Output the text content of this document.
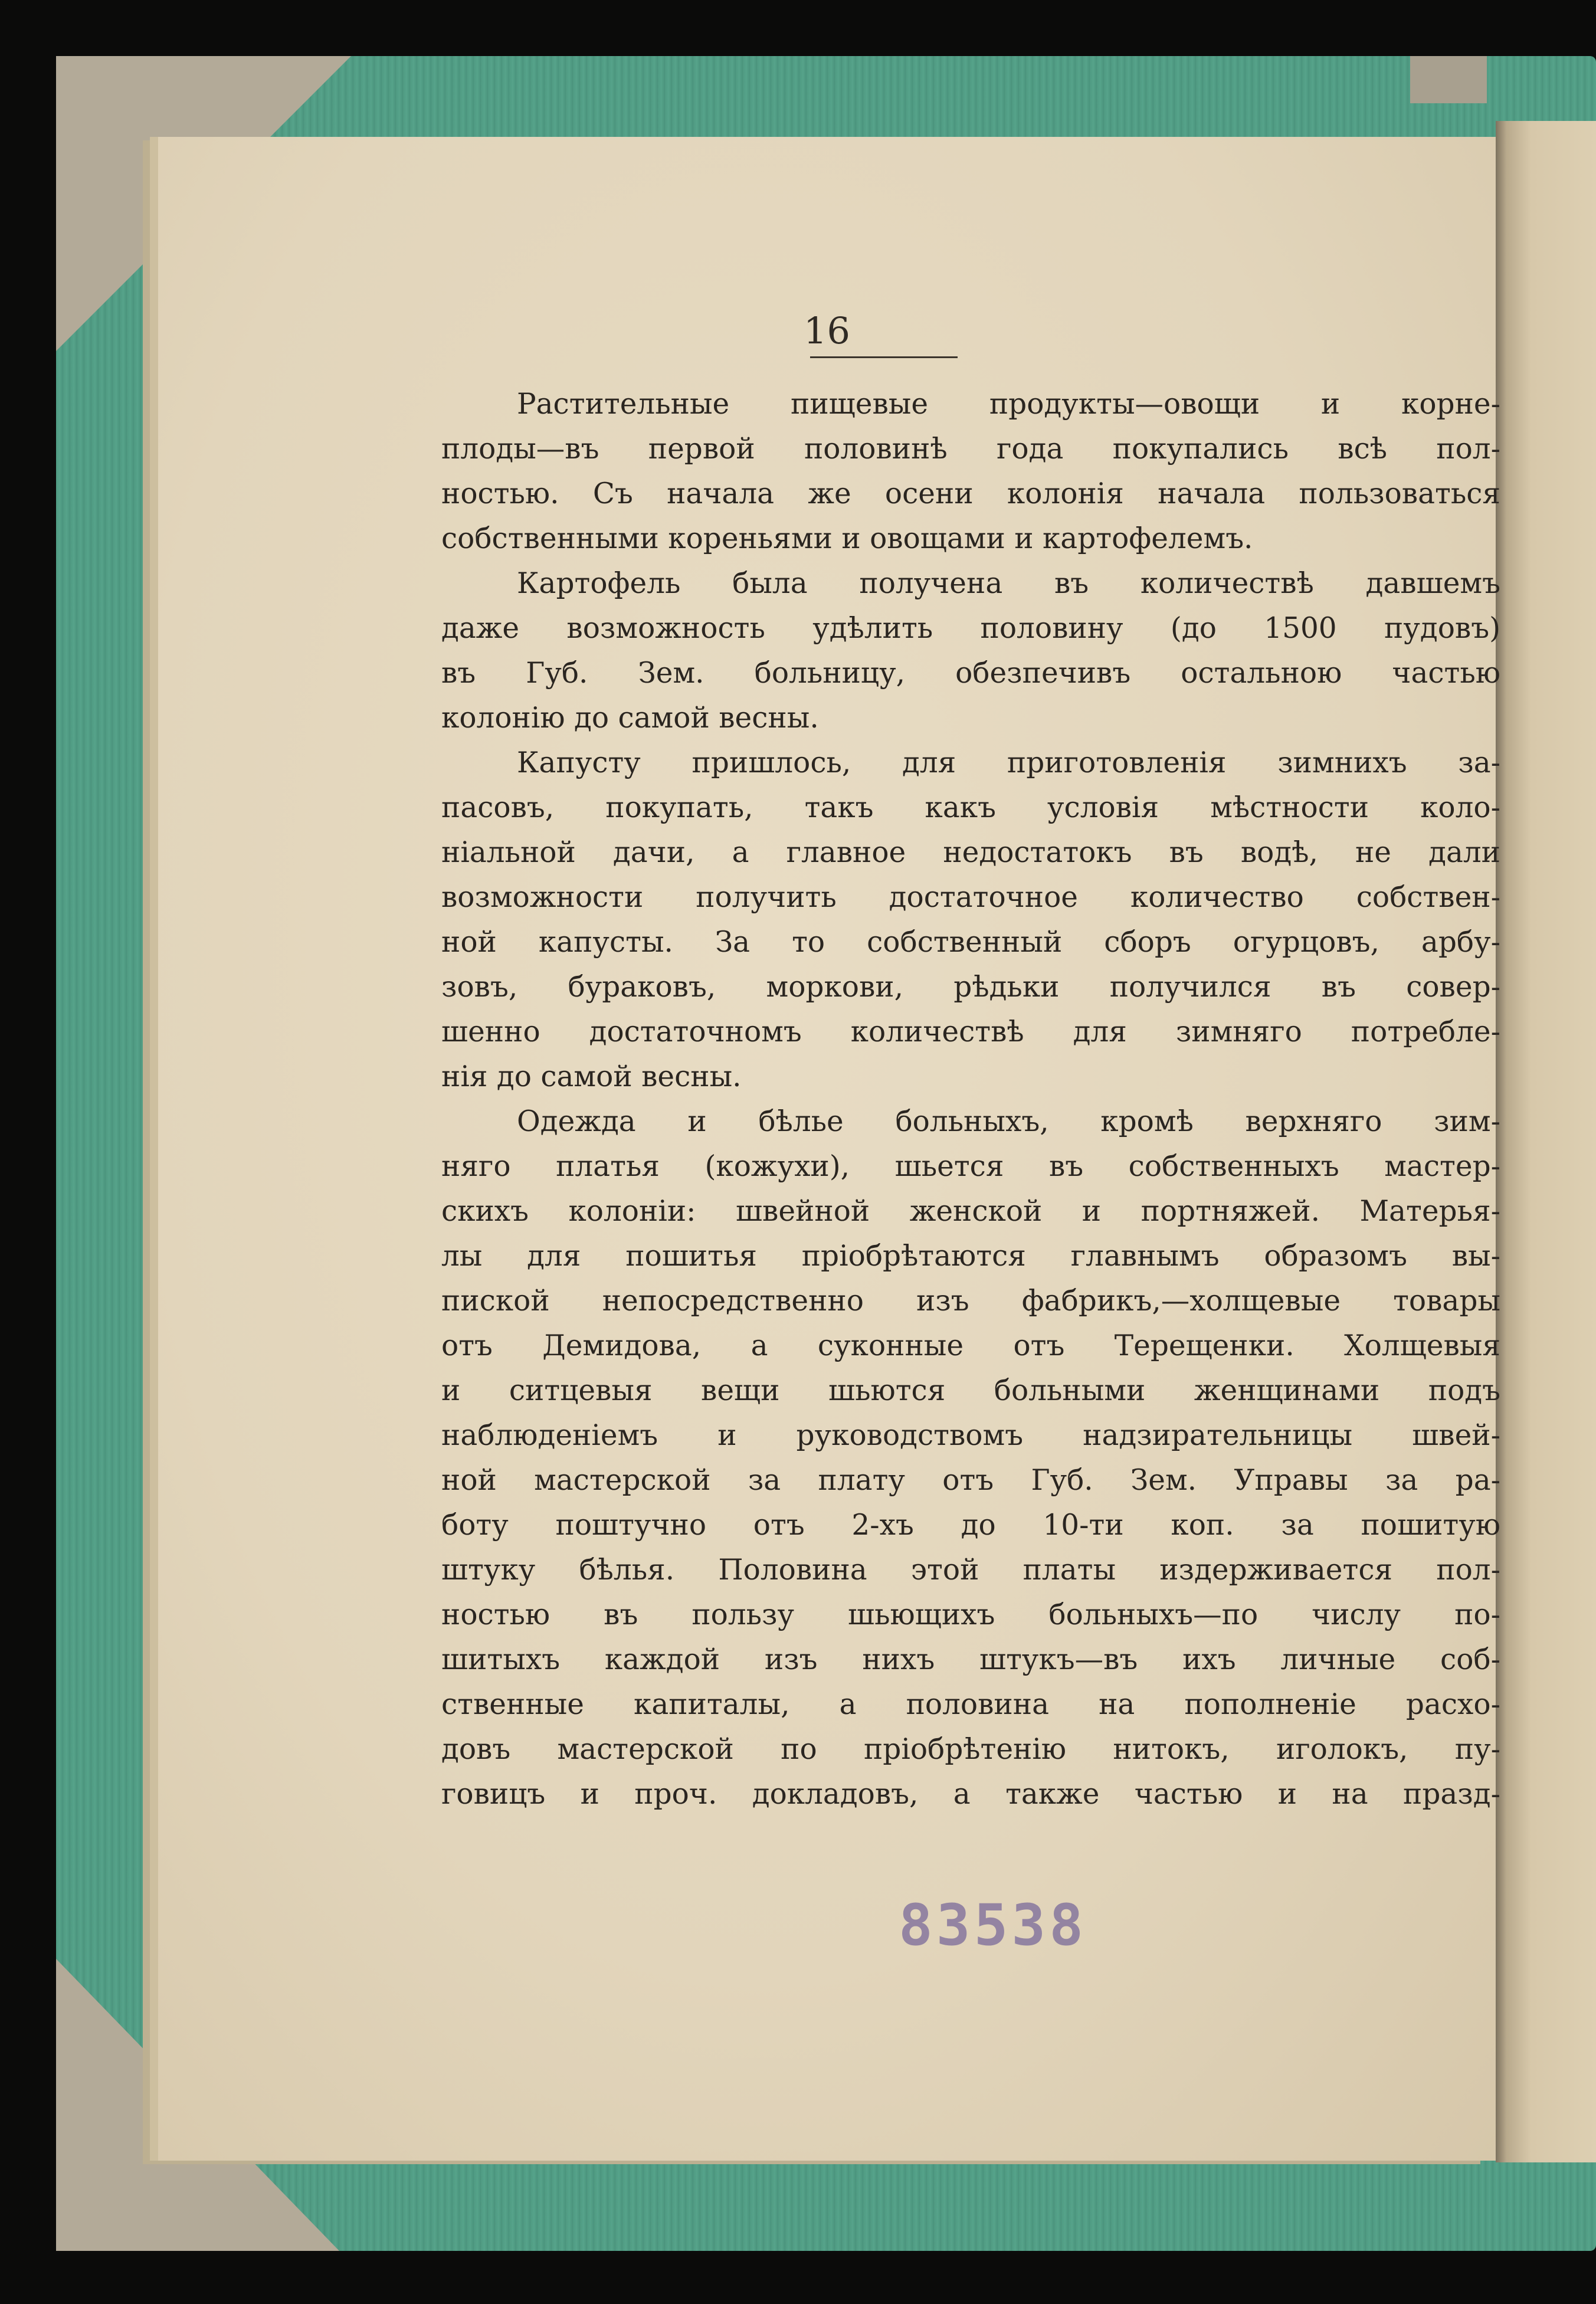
16
Растительные пищевые продукты—овощи и корне-
плоды—въ первой половинѣ года покупались всѣ пол-
ностью. Съ начала же осени колонія начала пользоваться
собственными кореньями и овощами и картофелемъ.
Картофель была получена въ количествѣ давшемъ
даже возможность удѣлить половину (до 1500 пудовъ)
въ Губ. Зем. больницу, обезпечивъ остальною частью
колонію до самой весны.
Капусту пришлось, для приготовленія зимнихъ за-
пасовъ, покупать, такъ какъ условія мѣстности коло-
ніальной дачи, а главное недостатокъ въ водѣ, не дали
возможности получить достаточное количество собствен-
ной капусты. За то собственный сборъ огурцовъ, арбу-
зовъ, бураковъ, моркови, рѣдьки получился въ совер-
шенно достаточномъ количествѣ для зимняго потребле-
нія до самой весны.
Одежда и бѣлье больныхъ, кромѣ верхняго зим-
няго платья (кожухи), шьется въ собственныхъ мастер-
скихъ колоніи: швейной женской и портняжей. Матерья-
лы для пошитья пріобрѣтаются главнымъ образомъ вы-
пиской непосредственно изъ фабрикъ,—холщевые товары
отъ Демидова, а суконные отъ Терещенки. Холщевыя
и ситцевыя вещи шьются больными женщинами подъ
наблюденіемъ и руководствомъ надзирательницы швей-
ной мастерской за плату отъ Губ. Зем. Управы за ра-
боту поштучно отъ 2-хъ до 10-ти коп. за пошитую
штуку бѣлья. Половина этой платы издерживается пол-
ностью въ пользу шьющихъ больныхъ—по числу по-
шитыхъ каждой изъ нихъ штукъ—въ ихъ личные соб-
ственные капиталы, а половина на пополненіе расхо-
довъ мастерской по пріобрѣтенію нитокъ, иголокъ, пу-
говицъ и проч. докладовъ, а также частью и на празд-
83538
